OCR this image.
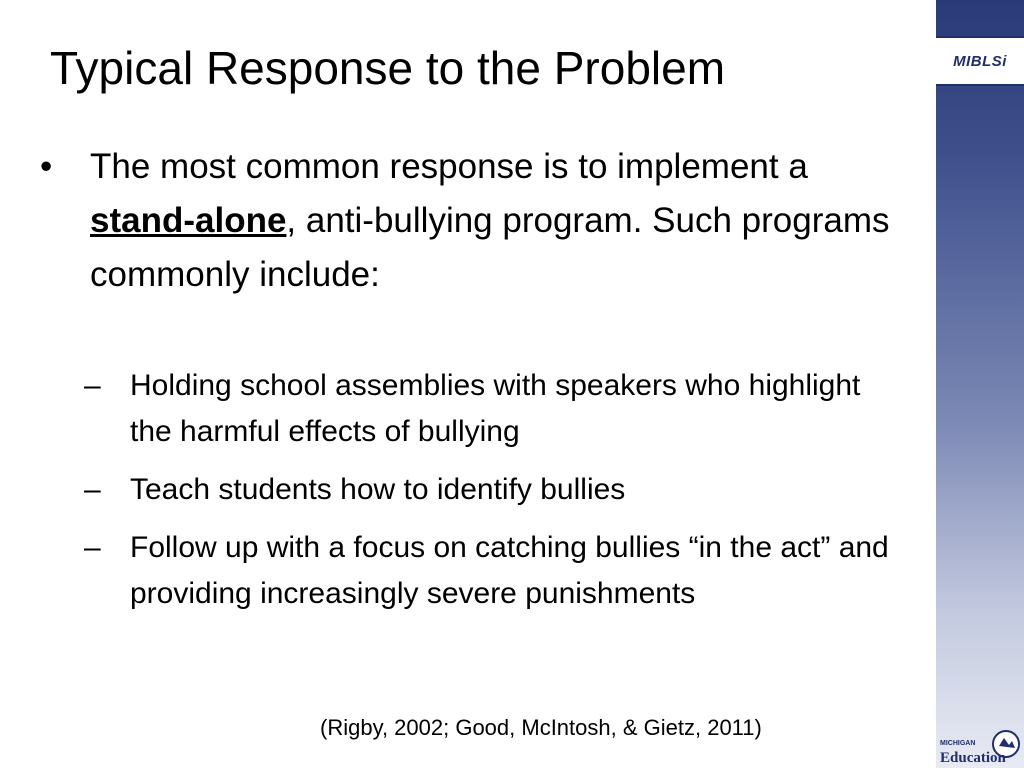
MIBLSi
MICHIGAN
Education
Typical Response to the Problem
• The most common response is to implement a stand-alone, anti-bullying program. Such programs commonly include:

– Holding school assemblies with speakers who highlight the harmful effects of bullying

– Teach students how to identify bullies

– Follow up with a focus on catching bullies “in the act” and providing increasingly severe punishments

(Rigby, 2002; Good, McIntosh, & Gietz, 2011)
